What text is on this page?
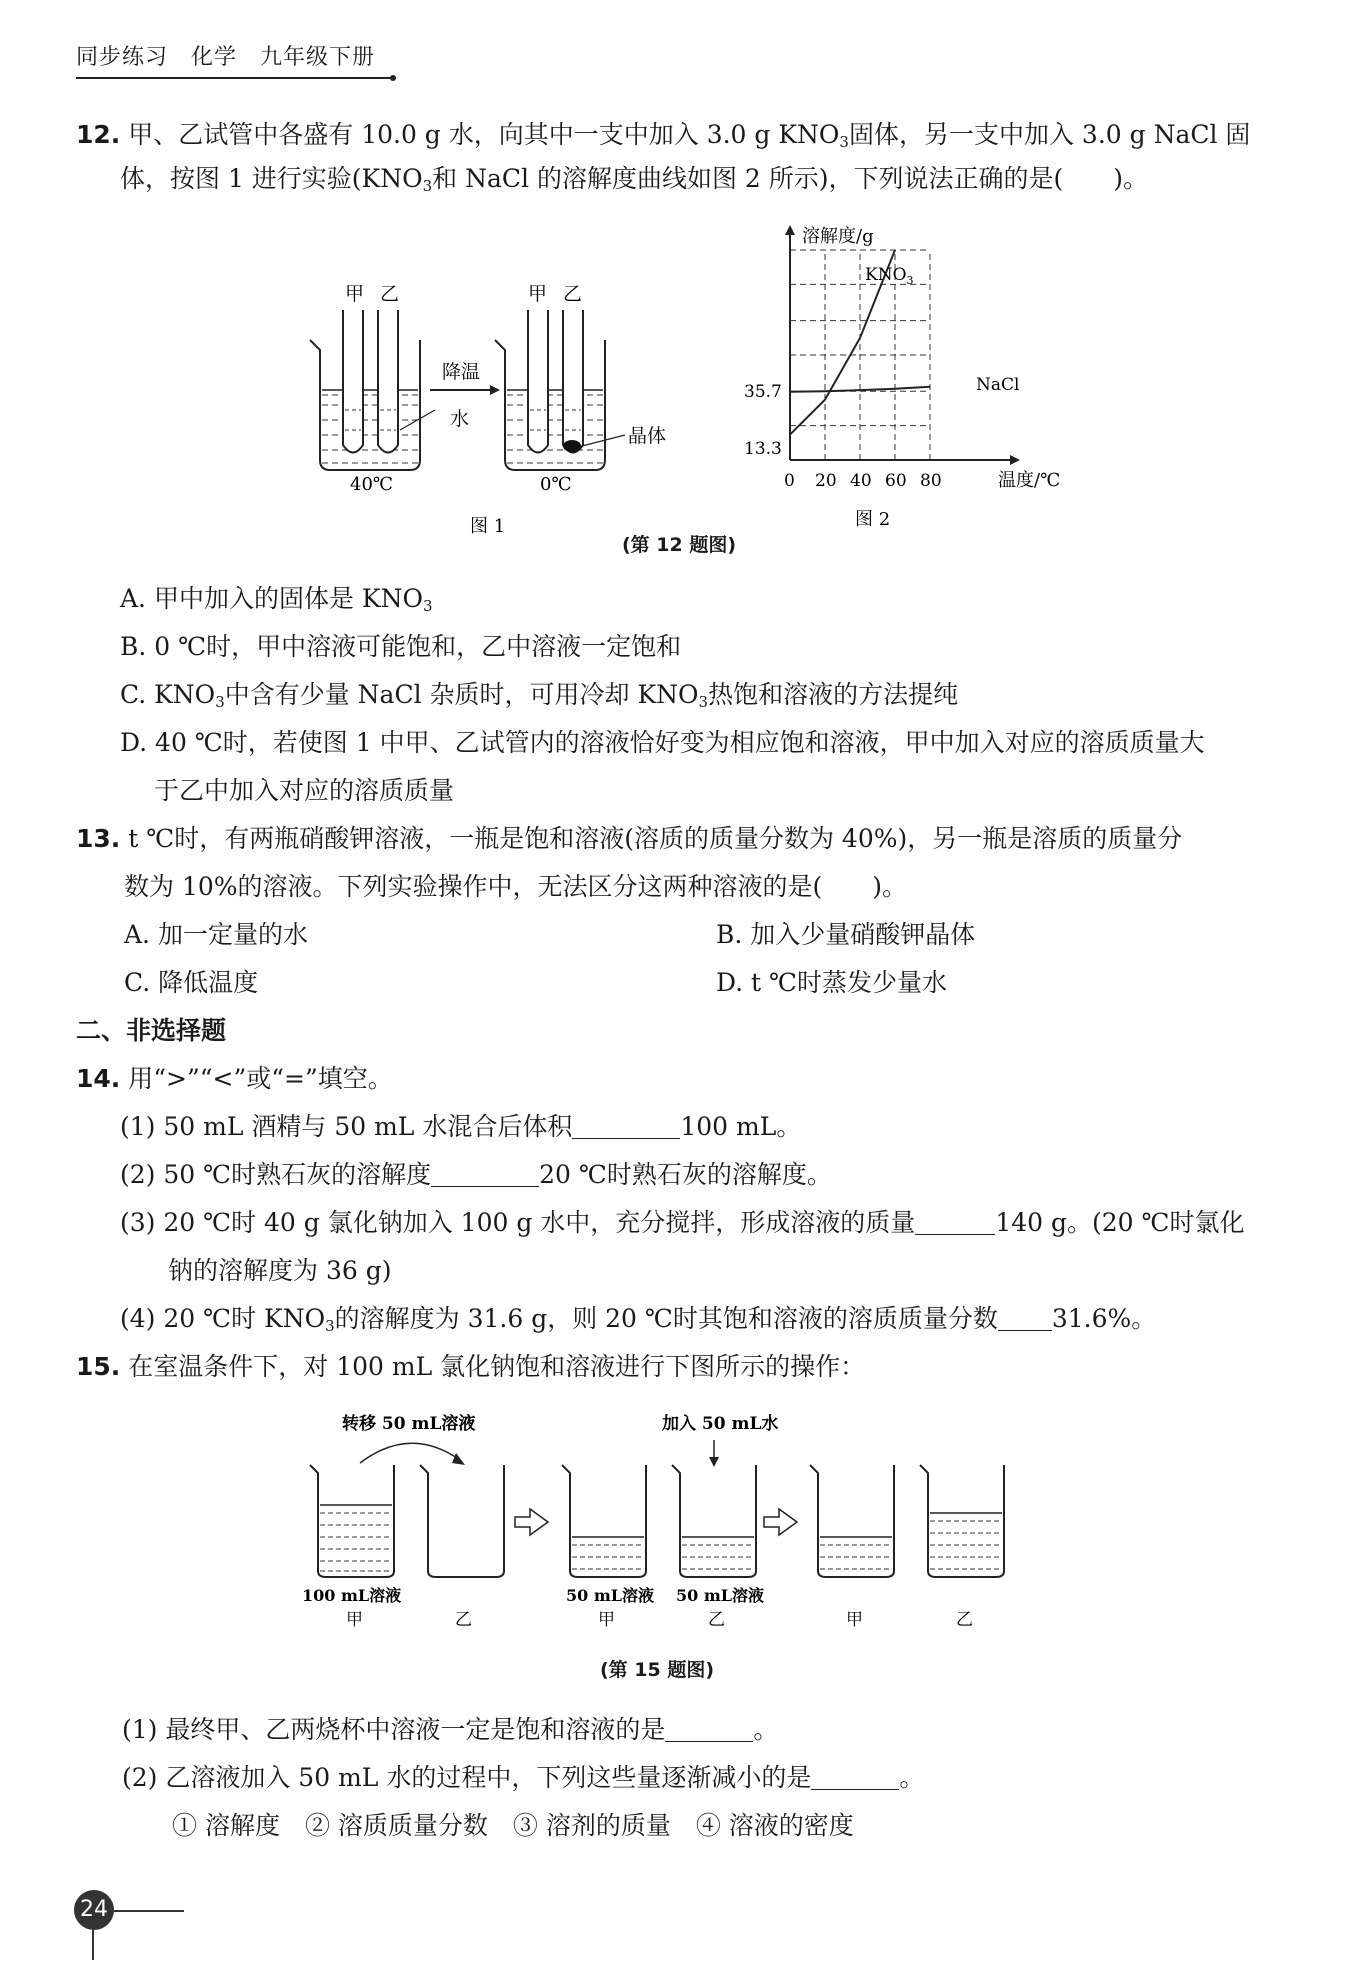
同步练习　化学　九年级下册
12. 甲、乙试管中各盛有 10.0 g 水，向其中一支中加入 3.0 g $KNO_3$固体，另一支中加入 3.0 g NaCl 固
体，按图 1 进行实验($KNO_3$和 NaCl 的溶解度曲线如图 2 所示)，下列说法正确的是(　　)。
甲 乙	甲 乙
降温
水
晶体
40℃	0℃
图 1
0 20 40 60 80
溶解度/g
温度/℃
$KNO_3$
NaCl
35.7
13.3
图 2
(第 12 题图)
A. 甲中加入的固体是 $KNO_3$
B. 0 ℃时，甲中溶液可能饱和，乙中溶液一定饱和
C. $KNO_3$中含有少量 NaCl 杂质时，可用冷却 $KNO_3$热饱和溶液的方法提纯
D. 40 ℃时，若使图 1 中甲、乙试管内的溶液恰好变为相应饱和溶液，甲中加入对应的溶质质量大
于乙中加入对应的溶质质量
13. t ℃时，有两瓶硝酸钾溶液，一瓶是饱和溶液(溶质的质量分数为 40%)，另一瓶是溶质的质量分
数为 10%的溶液。下列实验操作中，无法区分这两种溶液的是(　　)。
A. 加一定量的水	B. 加入少量硝酸钾晶体
C. 降低温度	D. t ℃时蒸发少量水
二、非选择题
14. 用“>”“<”或“=”填空。
(1) 50 mL 酒精与 50 mL 水混合后体积	100 mL。
(2) 50 ℃时熟石灰的溶解度	20 ℃时熟石灰的溶解度。
(3) 20 ℃时 40 g 氯化钠加入 100 g 水中，充分搅拌，形成溶液的质量	140 g。(20 ℃时氯化
钠的溶解度为 36 g)
(4) 20 ℃时 $KNO_3$的溶解度为 31.6 g，则 20 ℃时其饱和溶液的溶质质量分数 31.6%。
15. 在室温条件下，对 100 mL 氯化钠饱和溶液进行下图所示的操作：
转移 50 mL溶液	加入 50 mL水
100 mL溶液	50 mL溶液 50 mL溶液
甲	乙	甲	乙	甲	乙
(第 15 题图)
(1) 最终甲、乙两烧杯中溶液一定是饱和溶液的是	。
(2) 乙溶液加入 50 mL 水的过程中，下列这些量逐渐减小的是	。
① 溶解度　② 溶质质量分数　③ 溶剂的质量　④ 溶液的密度
24
